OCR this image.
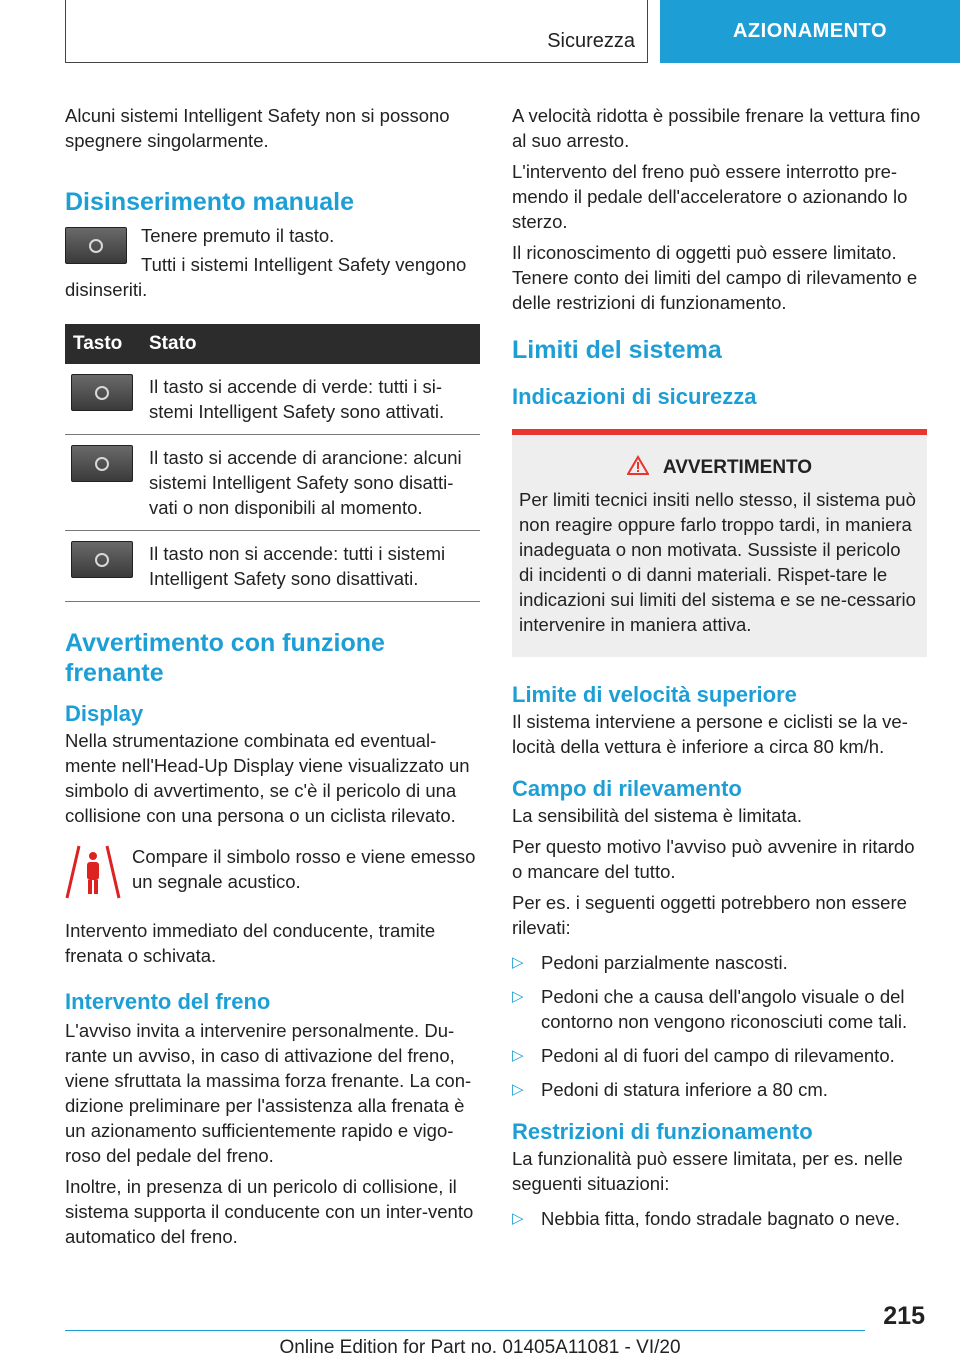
Sicurezza	AZIONAMENTO

Alcuni sistemi Intelligent Safety non si possono spegnere singolarmente.

Disinserimento manuale

Tenere premuto il tasto.

Tutti i sistemi Intelligent Safety vengono disinseriti.

Tasto	Stato

	Il tasto si accende di verde: tutti i si-stemi Intelligent Safety sono attivati.

	Il tasto si accende di arancione: alcuni sistemi Intelligent Safety sono disatti-vati o non disponibili al momento.

	Il tasto non si accende: tutti i sistemi Intelligent Safety sono disattivati.
Avvertimento con funzione frenante
Display

Nella strumentazione combinata ed eventual-mente nell'Head-Up Display viene visualizzato un simbolo di avvertimento, se c'è il pericolo di una collisione con una persona o un ciclista rilevato.

Compare il simbolo rosso e viene emesso un segnale acustico.

Intervento immediato del conducente, tramite frenata o schivata.

Intervento del freno

L'avviso invita a intervenire personalmente. Du-rante un avviso, in caso di attivazione del freno, viene sfruttata la massima forza frenante. La con-dizione preliminare per l'assistenza alla frenata è un azionamento sufficientemente rapido e vigo-roso del pedale del freno.

Inoltre, in presenza di un pericolo di collisione, il sistema supporta il conducente con un inter-vento automatico del freno.

A velocità ridotta è possibile frenare la vettura fino al suo arresto.

L'intervento del freno può essere interrotto pre-mendo il pedale dell'acceleratore o azionando lo sterzo.

Il riconoscimento di oggetti può essere limitato. Tenere conto dei limiti del campo di rilevamento e delle restrizioni di funzionamento.

Limiti del sistema
Indicazioni di sicurezza
AVVERTIMENTO

Per limiti tecnici insiti nello stesso, il sistema può non reagire oppure farlo troppo tardi, in maniera inadeguata o non motivata. Sussiste il pericolo di incidenti o di danni materiali. Rispet-tare le indicazioni sui limiti del sistema e se ne-cessario intervenire in maniera attiva.

Limite di velocità superiore

Il sistema interviene a persone e ciclisti se la ve-locità della vettura è inferiore a circa 80 km/h.

Campo di rilevamento

La sensibilità del sistema è limitata.

Per questo motivo l'avviso può avvenire in ritardo o mancare del tutto.

Per es. i seguenti oggetti potrebbero non essere rilevati:

▷ Pedoni parzialmente nascosti.
▷ Pedoni che a causa dell'angolo visuale o del contorno non vengono riconosciuti come tali.
▷ Pedoni al di fuori del campo di rilevamento.
▷ Pedoni di statura inferiore a 80 cm.
Restrizioni di funzionamento

La funzionalità può essere limitata, per es. nelle seguenti situazioni:

▷ Nebbia fitta, fondo stradale bagnato o neve.
215
Online Edition for Part no. 01405A11081 - VI/20
